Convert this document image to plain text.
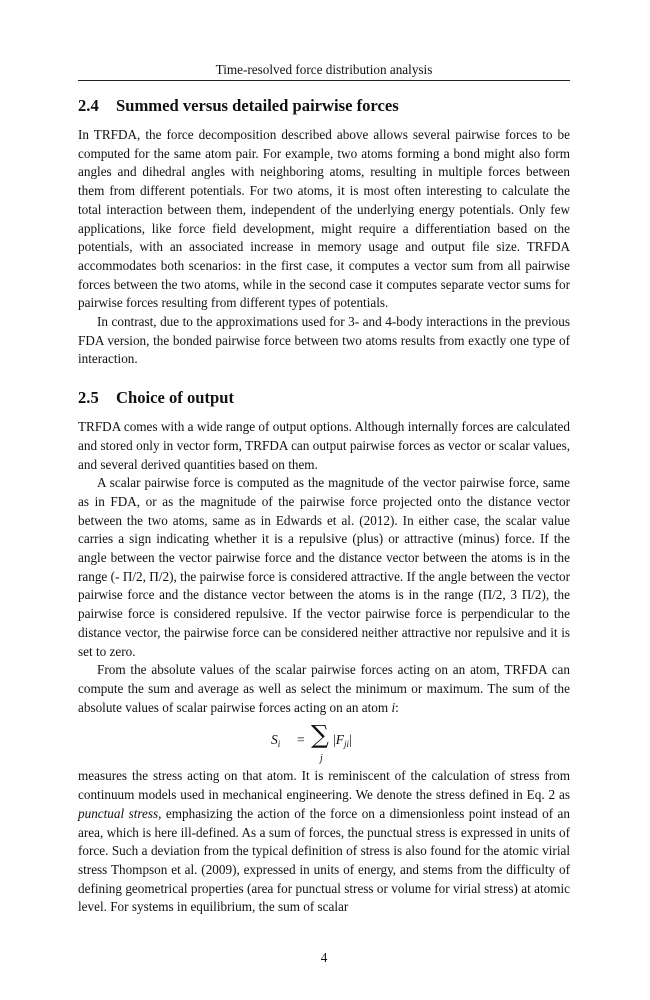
Time-resolved force distribution analysis
2.4 Summed versus detailed pairwise forces

In TRFDA, the force decomposition described above allows several pairwise forces to be computed for the same atom pair. For example, two atoms forming a bond might also form angles and dihedral angles with neighboring atoms, resulting in multiple forces between them from different potentials. For two atoms, it is most often interesting to calculate the total interaction between them, independent of the underlying energy potentials. Only few applications, like force field development, might require a differentiation based on the potentials, with an associated increase in memory usage and output file size. TRFDA accommodates both scenarios: in the first case, it computes a vector sum from all pairwise forces between the two atoms, while in the second case it computes separate vector sums for pairwise forces resulting from different types of potentials.

In contrast, due to the approximations used for 3- and 4-body interactions in the previous FDA version, the bonded pairwise force between two atoms results from exactly one type of interaction.

2.5 Choice of output

TRFDA comes with a wide range of output options. Although internally forces are calculated and stored only in vector form, TRFDA can output pairwise forces as vector or scalar values, and several derived quantities based on them.

A scalar pairwise force is computed as the magnitude of the vector pairwise force, same as in FDA, or as the magnitude of the pairwise force projected onto the distance vector between the two atoms, same as in Edwards et al. (2012). In either case, the scalar value carries a sign indicating whether it is a repulsive (plus) or attractive (minus) force. If the angle between the vector pairwise force and the distance vector between the atoms is in the range (- Π/2, Π/2), the pairwise force is considered attractive. If the angle between the vector pairwise force and the distance vector between the atoms is in the range (Π/2, 3 Π/2), the pairwise force is considered repulsive. If the vector pairwise force is perpendicular to the distance vector, the pairwise force can be considered neither attractive nor repulsive and it is set to zero.

From the absolute values of the scalar pairwise forces acting on an atom, TRFDA can compute the sum and average as well as select the minimum or maximum. The sum of the absolute values of scalar pairwise forces acting on an atom i:

$S_i$ = ∑
j
$|F_{ji}|$

measures the stress acting on that atom. It is reminiscent of the calculation of stress from continuum models used in mechanical engineering. We denote the stress defined in Eq. 2 as punctual stress, emphasizing the action of the force on a dimensionless point instead of an area, which is here ill-defined. As a sum of forces, the punctual stress is expressed in units of force. Such a deviation from the typical definition of stress is also found for the atomic virial stress Thompson et al. (2009), expressed in units of energy, and stems from the difficulty of defining geometrical properties (area for punctual stress or volume for virial stress) at atomic level. For systems in equilibrium, the sum of scalar

4
